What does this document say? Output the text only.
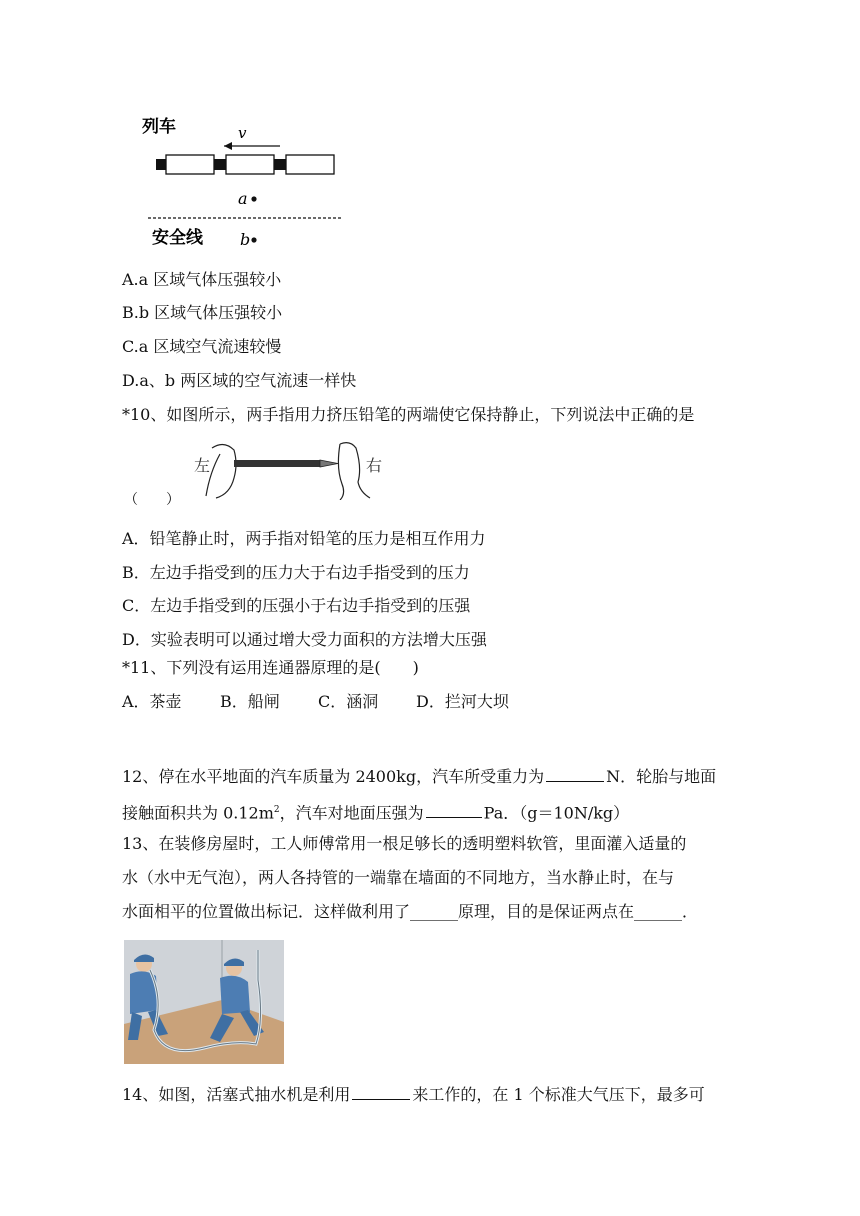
列车	v
a
安全线 b
A.a 区域气体压强较小
B.b 区域气体压强较小
C.a 区域空气流速较慢
D.a、b 两区域的空气流速一样快
*10、如图所示，两手指用力挤压铅笔的两端使它保持静止，下列说法中正确的是
左	右
（　　）
A．铅笔静止时，两手指对铅笔的压力是相互作用力
B．左边手指受到的压力大于右边手指受到的压力
C．左边手指受到的压强小于右边手指受到的压强
D．实验表明可以通过增大受力面积的方法增大压强
*11、下列没有运用连通器原理的是(　　)
A．茶壶 B．船闸 C．涵洞 D．拦河大坝
12、停在水平地面的汽车质量为 2400kg，汽车所受重力为	N．轮胎与地面
接触面积共为 $0.12m^2$，汽车对地面压强为	Pa．（g＝10N/kg）
13、在装修房屋时，工人师傅常用一根足够长的透明塑料软管，里面灌入适量的
水（水中无气泡），两人各持管的一端靠在墙面的不同地方，当水静止时，在与
水面相平的位置做出标记．这样做利用了______原理，目的是保证两点在______．
14、如图，活塞式抽水机是利用	来工作的，在 1 个标准大气压下，最多可
